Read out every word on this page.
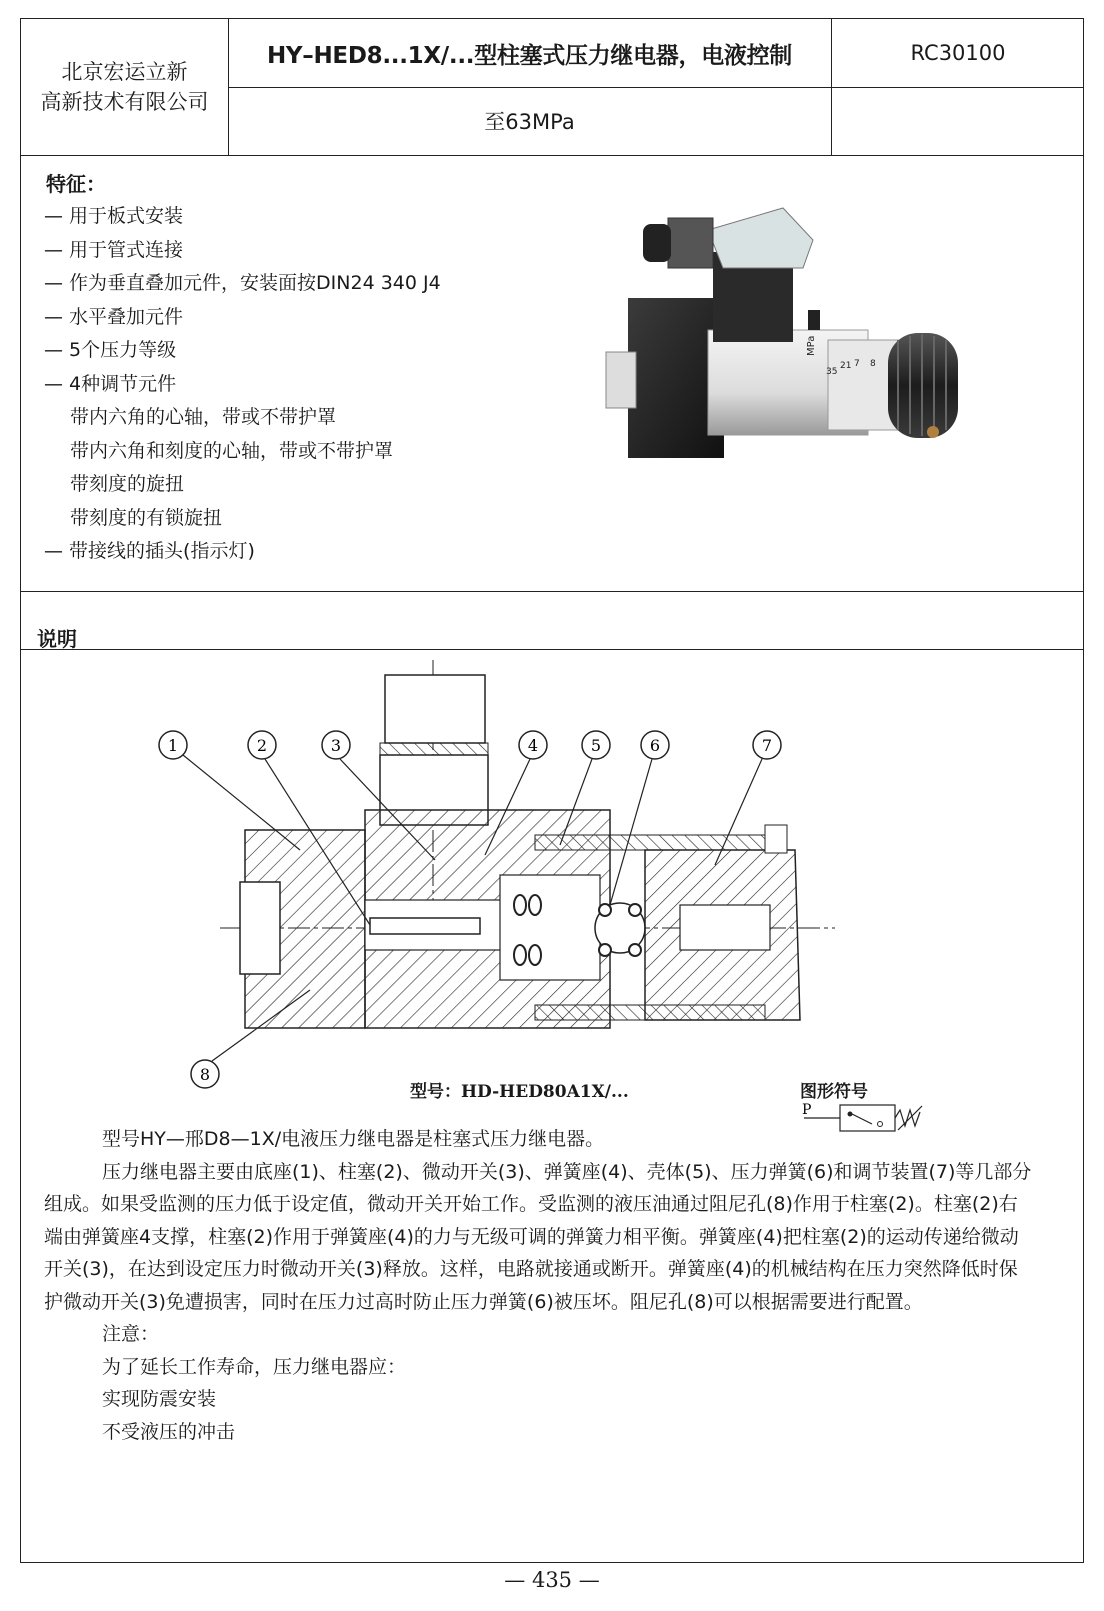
北京宏运立新
高新技术有限公司
HY–HED8...1X/...型柱塞式压力继电器，电液控制	RC30100
至63MPa
说明
特征：
— 用于板式安装
— 用于管式连接
— 作为垂直叠加元件，安装面按DIN24 340 J4
— 水平叠加元件
— 5个压力等级
— 4种调节元件
带内六角的心轴，带或不带护罩
带内六角和刻度的心轴，带或不带护罩
带刻度的旋扭
带刻度的有锁旋扭
— 带接线的插头(指示灯)
MPa
35
21 7 8
1	2	3	4	5	6	7
8
型号：HD-HED80A1X/...	图形符号
P

型号HY—邢D8—1X/电液压力继电器是柱塞式压力继电器。

压力继电器主要由底座(1)、柱塞(2)、微动开关(3)、弹簧座(4)、壳体(5)、压力弹簧(6)和调节装置(7)等几部分组成。如果受监测的压力低于设定值，微动开关开始工作。受监测的液压油通过阻尼孔(8)作用于柱塞(2)。柱塞(2)右端由弹簧座4支撑，柱塞(2)作用于弹簧座(4)的力与无级可调的弹簧力相平衡。弹簧座(4)把柱塞(2)的运动传递给微动开关(3)，在达到设定压力时微动开关(3)释放。这样，电路就接通或断开。弹簧座(4)的机械结构在压力突然降低时保护微动开关(3)免遭损害，同时在压力过高时防止压力弹簧(6)被压坏。阻尼孔(8)可以根据需要进行配置。

注意：

为了延长工作寿命，压力继电器应：

实现防震安装

不受液压的冲击

— 435 —
